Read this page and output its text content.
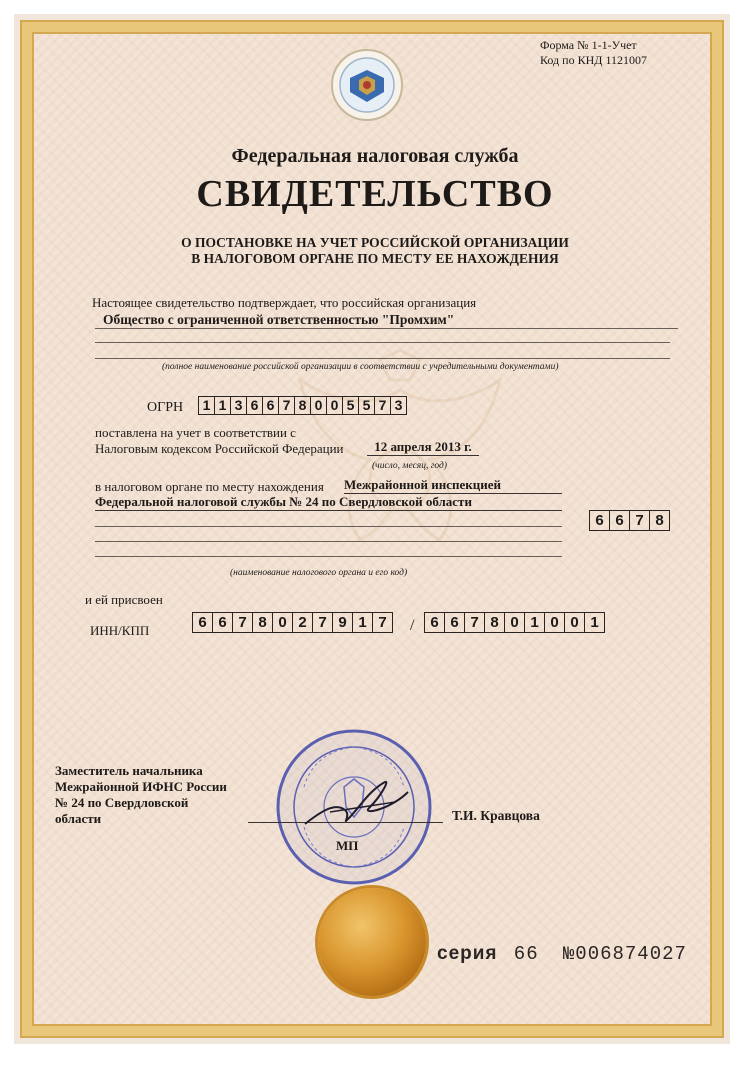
Форма № 1-1-Учет
Код по КНД 1121007
Федеральная налоговая служба
СВИДЕТЕЛЬСТВО
О ПОСТАНОВКЕ НА УЧЕТ РОССИЙСКОЙ ОРГАНИЗАЦИИ
В НАЛОГОВОМ ОРГАНЕ ПО МЕСТУ ЕЕ НАХОЖДЕНИЯ
Настоящее свидетельство подтверждает, что российская организация
Общество с ограниченной ответственностью "Промхим"
(полное наименование российской организации в соответствии с учредительными документами)
ОГРН 1 1 3 6 6 7 8 0 0 5 5 7 3
поставлена на учет в соответствии с
Налоговым кодексом Российской Федерации	12 апреля 2013 г.
(число, месяц, год)
в налоговом органе по месту нахождения Межрайонной инспекцией
Федеральной налоговой службы № 24 по Свердловской области
6 6 7 8
(наименование налогового органа и его код)
и ей присвоен
ИНН/КПП	6 6 7 8 0 2 7 9 1 7	/	6 6 7 8 0 1 0 0 1
Заместитель начальника
Межрайонной ИФНС России
№ 24 по Свердловской
области	Т.И. Кравцова
МП
серия 66 №006874027
